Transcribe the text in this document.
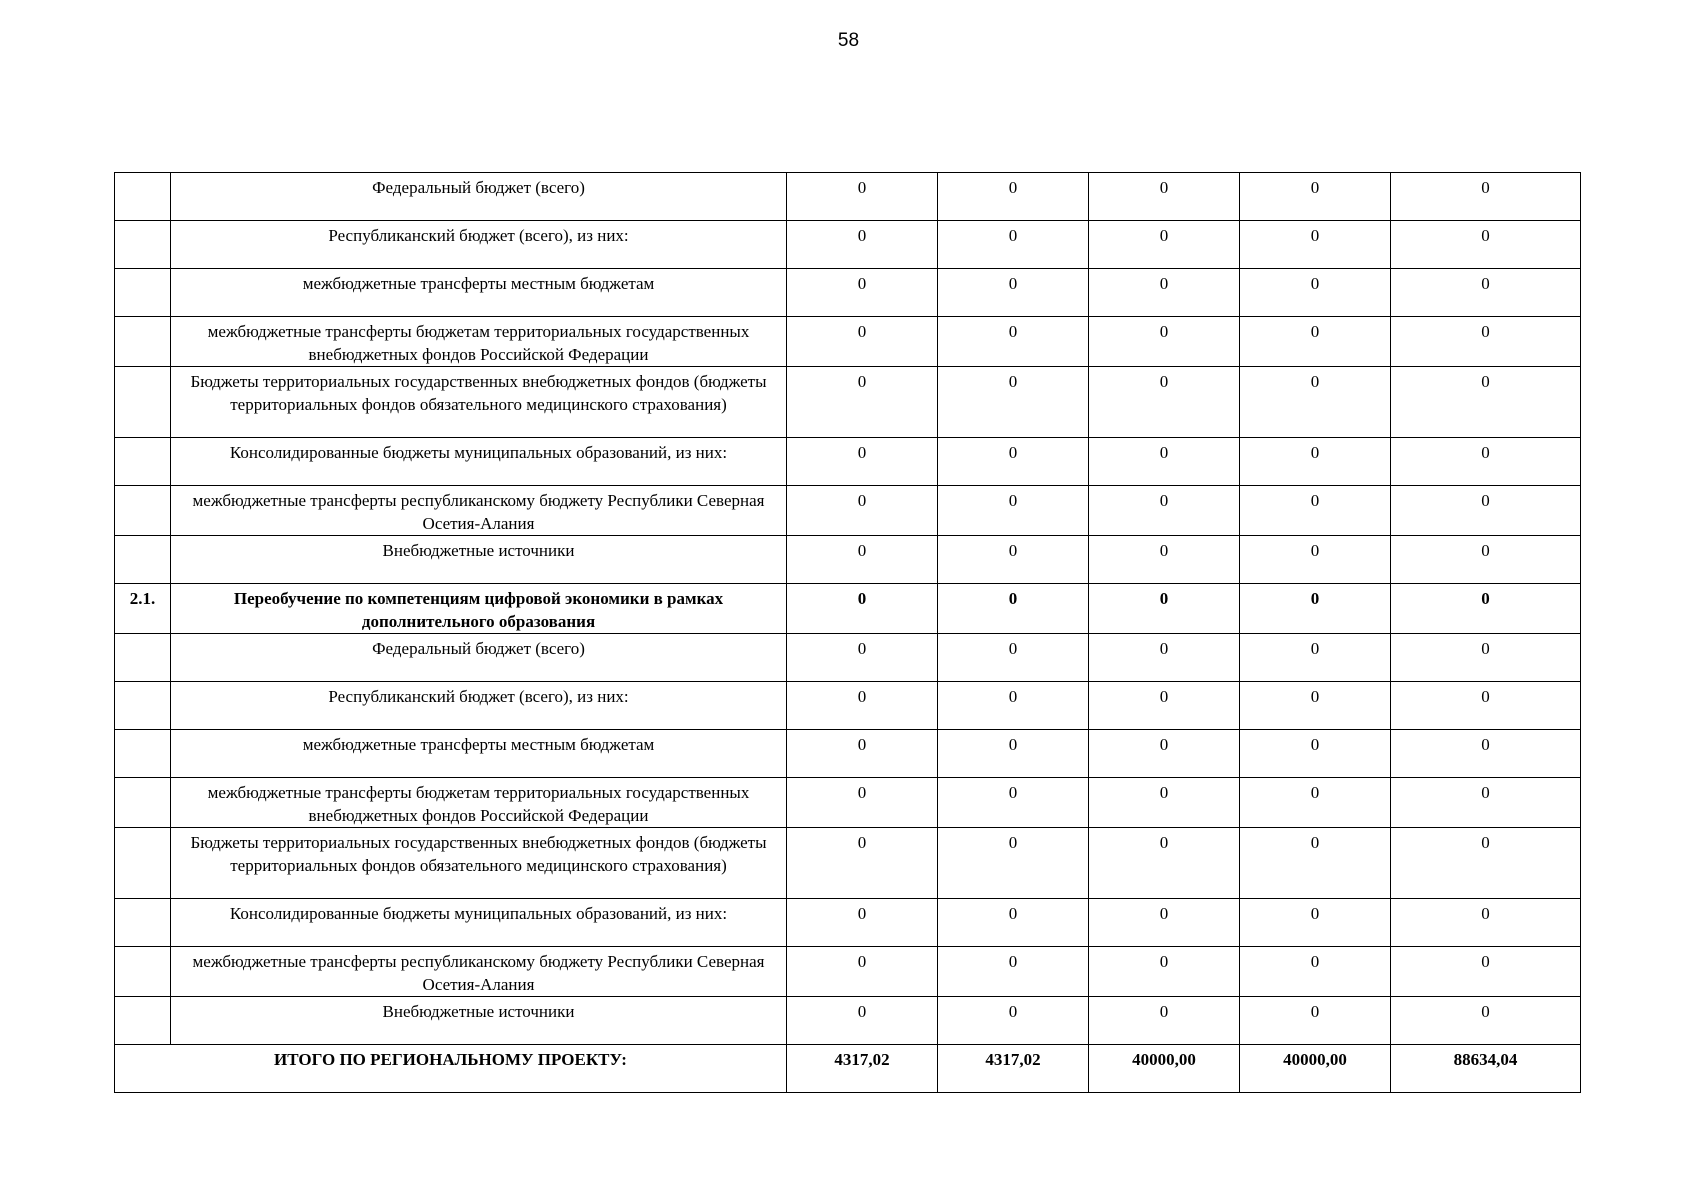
58
	Федеральный бюджет (всего)	0	0	0	0	0
	Республиканский бюджет (всего), из них:	0	0	0	0	0
	межбюджетные трансферты местным бюджетам	0	0	0	0	0
	межбюджетные трансферты бюджетам территориальных государственных внебюджетных фондов Российской Федерации	0	0	0	0	0
	Бюджеты территориальных государственных внебюджетных фондов (бюджеты территориальных фондов обязательного медицинского страхования)	0	0	0	0	0
	Консолидированные бюджеты муниципальных образований, из них:	0	0	0	0	0
	межбюджетные трансферты республиканскому бюджету Республики Северная Осетия-Алания	0	0	0	0	0
	Внебюджетные источники	0	0	0	0	0
2.1.	Переобучение по компетенциям цифровой экономики в рамках дополнительного образования	0	0	0	0	0
	Федеральный бюджет (всего)	0	0	0	0	0
	Республиканский бюджет (всего), из них:	0	0	0	0	0
	межбюджетные трансферты местным бюджетам	0	0	0	0	0
	межбюджетные трансферты бюджетам территориальных государственных внебюджетных фондов Российской Федерации	0	0	0	0	0
	Бюджеты территориальных государственных внебюджетных фондов (бюджеты территориальных фондов обязательного медицинского страхования)	0	0	0	0	0
	Консолидированные бюджеты муниципальных образований, из них:	0	0	0	0	0
	межбюджетные трансферты республиканскому бюджету Республики Северная Осетия-Алания	0	0	0	0	0
	Внебюджетные источники	0	0	0	0	0
ИТОГО ПО РЕГИОНАЛЬНОМУ ПРОЕКТУ:		4317,02	4317,02	40000,00	40000,00	88634,04
